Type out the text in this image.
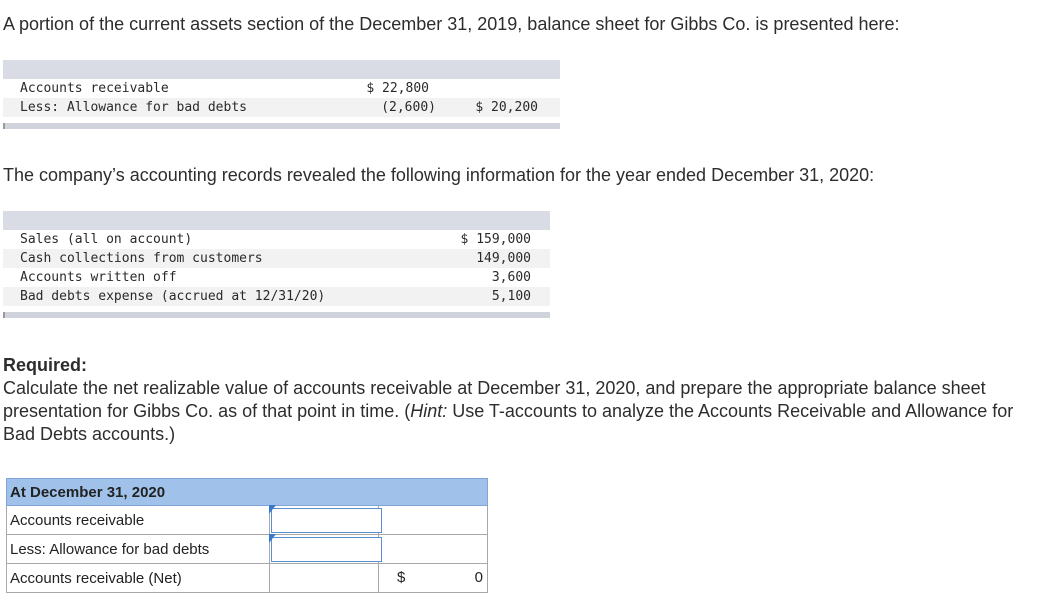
A portion of the current assets section of the December 31, 2019, balance sheet for Gibbs Co. is presented here:
Accounts receivable	$ 22,800
Less: Allowance for bad debts	(2,600)	$ 20,200
The company’s accounting records revealed the following information for the year ended December 31, 2020:
Sales (all on account)	$ 159,000
Cash collections from customers	149,000
Accounts written off	3,600
Bad debts expense (accrued at 12/31/20)	5,100
Required:
Calculate the net realizable value of accounts receivable at December 31, 2020, and prepare the appropriate balance sheet presentation for Gibbs Co. as of that point in time. (Hint: Use T-accounts to analyze the Accounts Receivable and Allowance for Bad Debts accounts.)
At December 31, 2020		
Accounts receivable	

Less: Allowance for bad debts	

Accounts receivable (Net)		$ 0
